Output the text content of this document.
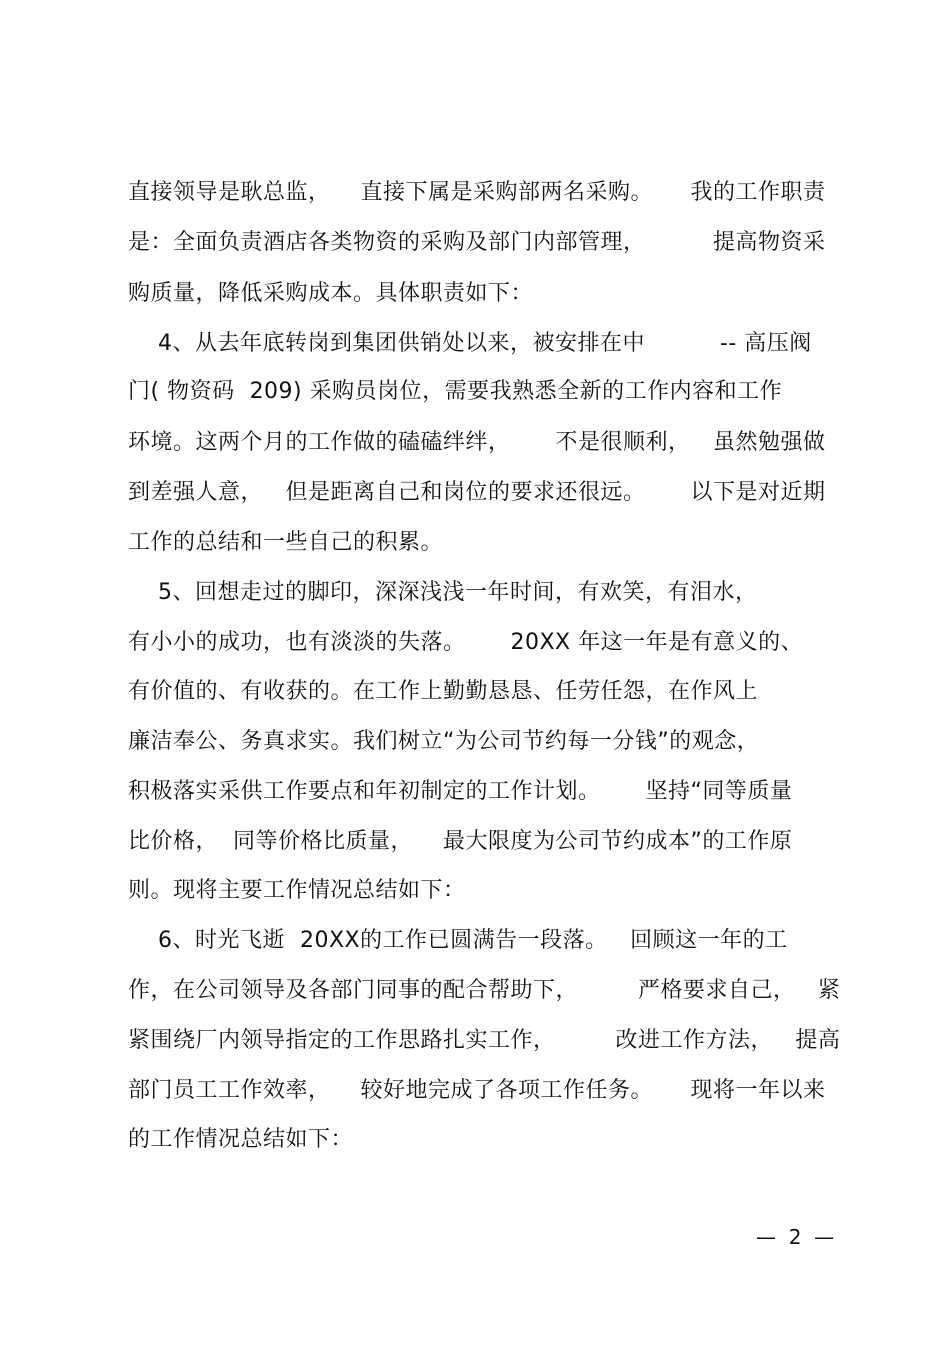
直接领导是耿总监，    直接下属是采购部两名采购。     我的工作职责
是：全面负责酒店各类物资的采购及部门内部管理，         提高物资采
购质量，降低采购成本。具体职责如下：
4、从去年底转岗到集团供销处以来，被安排在中          -- 高压阀
门( 物资码  209) 采购员岗位，需要我熟悉全新的工作内容和工作
环境。这两个月的工作做的磕磕绊绊，      不是很顺利，   虽然勉强做
到差强人意，   但是距离自己和岗位的要求还很远。      以下是对近期
工作的总结和一些自己的积累。
5、回想走过的脚印，深深浅浅一年时间，有欢笑，有泪水，
有小小的成功，也有淡淡的失落。      20XX 年这一年是有意义的、
有价值的、有收获的。在工作上勤勤恳恳、任劳任怨，在作风上
廉洁奉公、务真求实。我们树立“为公司节约每一分钱”的观念，
积极落实采供工作要点和年初制定的工作计划。      坚持“同等质量
比价格，  同等价格比质量，    最大限度为公司节约成本”的工作原
则。现将主要工作情况总结如下：
6、时光飞逝  20XX的工作已圆满告一段落。   回顾这一年的工
作，在公司领导及各部门同事的配合帮助下，        严格要求自己，   紧
紧围绕厂内领导指定的工作思路扎实工作，        改进工作方法，   提高
部门员工工作效率，    较好地完成了各项工作任务。     现将一年以来
的工作情况总结如下：
—  2  —
